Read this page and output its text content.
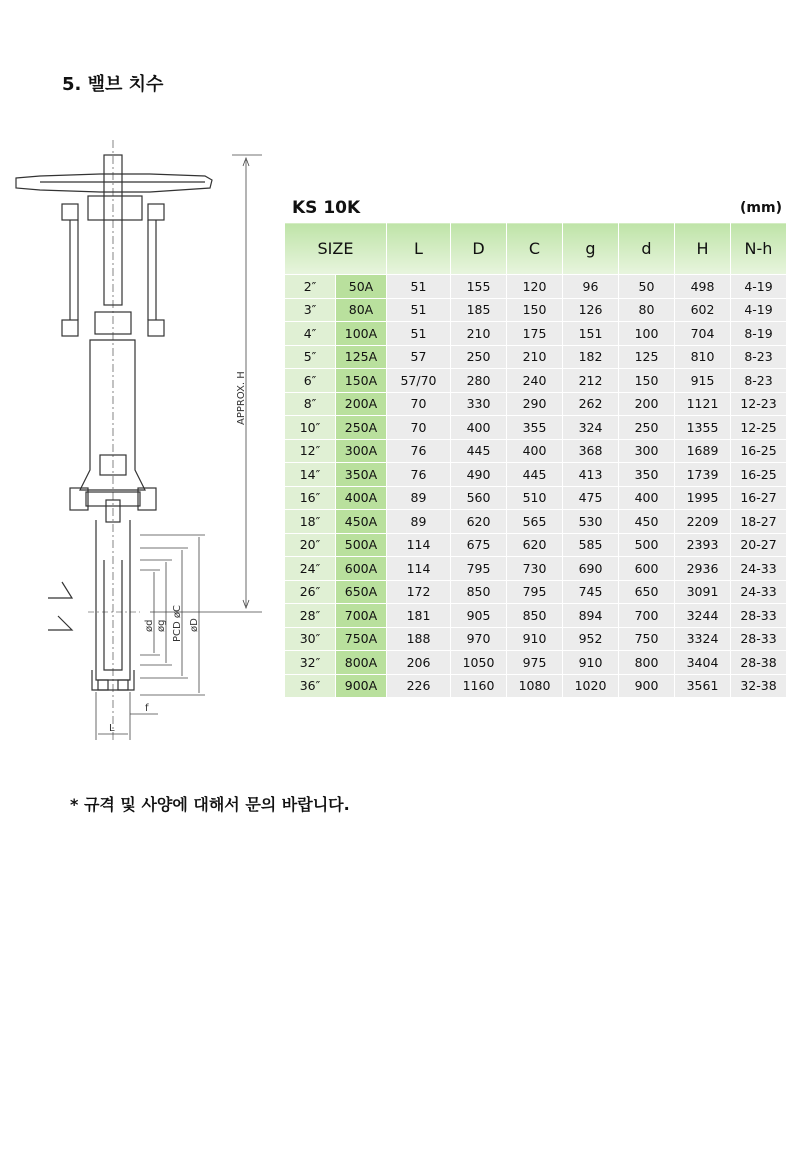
5. 밸브 치수
APPROX. H
ød øg PCD øC øD
L
f
KS 10K	(mm)
SIZE		L	D	C	g	d	H	N-h
2″	50A	51	155	120	96	50	498	4-19
3″	80A	51	185	150	126	80	602	4-19
4″	100A	51	210	175	151	100	704	8-19
5″	125A	57	250	210	182	125	810	8-23
6″	150A	57/70	280	240	212	150	915	8-23
8″	200A	70	330	290	262	200	1121	12-23
10″	250A	70	400	355	324	250	1355	12-25
12″	300A	76	445	400	368	300	1689	16-25
14″	350A	76	490	445	413	350	1739	16-25
16″	400A	89	560	510	475	400	1995	16-27
18″	450A	89	620	565	530	450	2209	18-27
20″	500A	114	675	620	585	500	2393	20-27
24″	600A	114	795	730	690	600	2936	24-33
26″	650A	172	850	795	745	650	3091	24-33
28″	700A	181	905	850	894	700	3244	28-33
30″	750A	188	970	910	952	750	3324	28-33
32″	800A	206	1050	975	910	800	3404	28-38
36″	900A	226	1160	1080	1020	900	3561	32-38

* 규격 및 사양에 대해서 문의 바랍니다.
